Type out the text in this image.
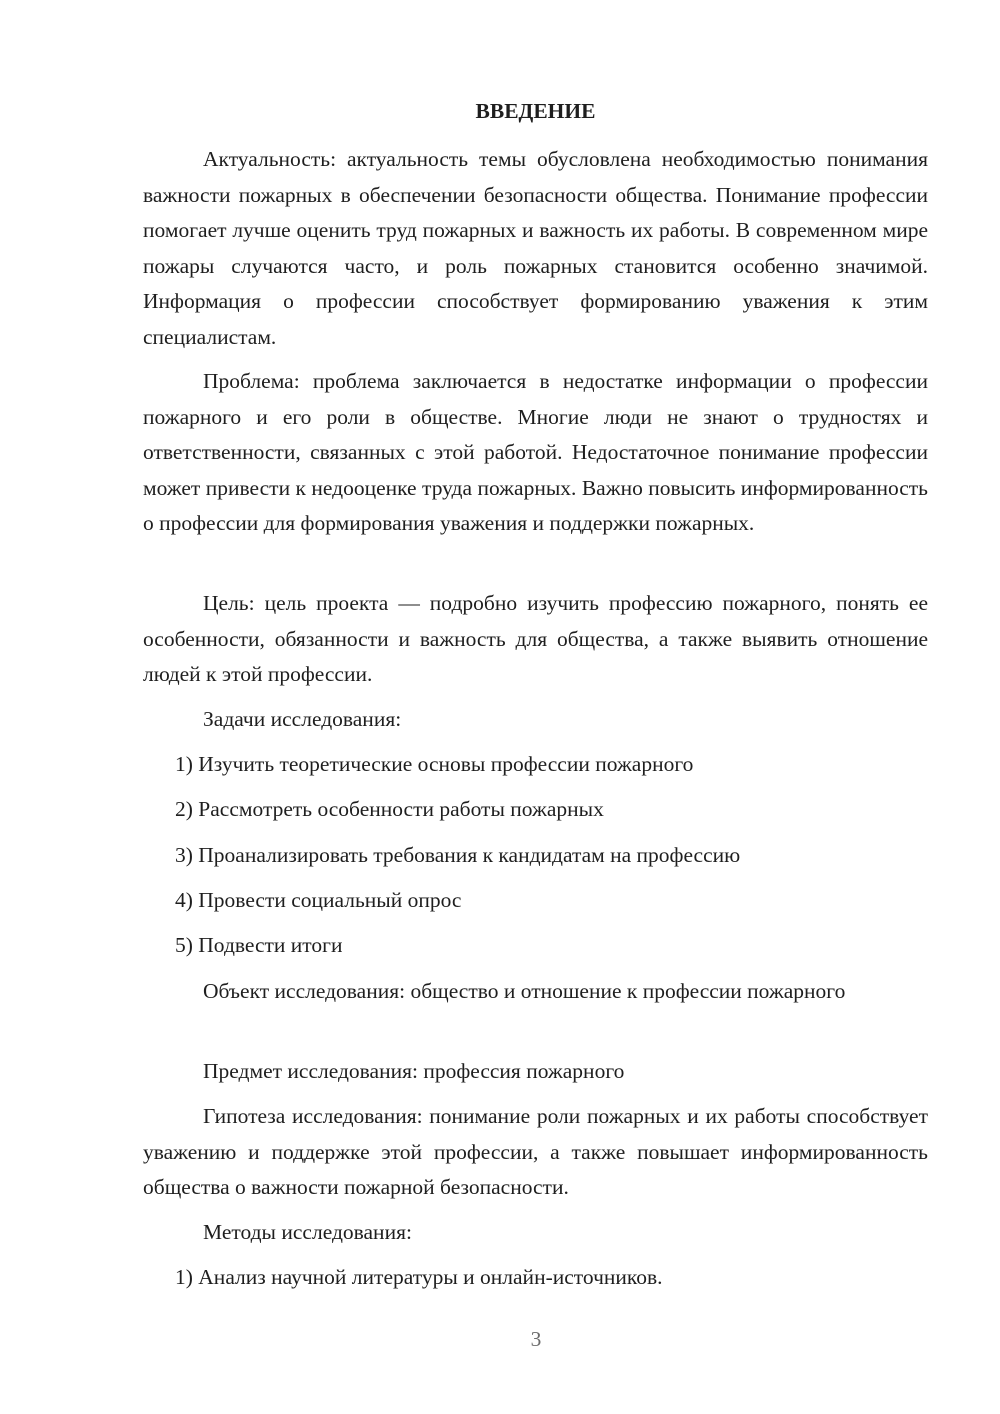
ВВЕДЕНИЕ

Актуальность: актуальность темы обусловлена необходимостью понимания важности пожарных в обеспечении безопасности общества. Понимание профессии помогает лучше оценить труд пожарных и важность их работы. В современном мире пожары случаются часто, и роль пожарных становится особенно значимой. Информация о профессии способствует формированию уважения к этим специалистам.

Проблема: проблема заключается в недостатке информации о профессии пожарного и его роли в обществе. Многие люди не знают о трудностях и ответственности, связанных с этой работой. Недостаточное понимание профессии может привести к недооценке труда пожарных. Важно повысить информированность о профессии для формирования уважения и поддержки пожарных.

Цель: цель проекта — подробно изучить профессию пожарного, понять ее особенности, обязанности и важность для общества, а также выявить отношение людей к этой профессии.

Задачи исследования:

1) Изучить теоретические основы профессии пожарного

2) Рассмотреть особенности работы пожарных

3) Проанализировать требования к кандидатам на профессию

4) Провести социальный опрос

5) Подвести итоги

Объект исследования: общество и отношение к профессии пожарного

Предмет исследования: профессия пожарного

Гипотеза исследования: понимание роли пожарных и их работы способствует уважению и поддержке этой профессии, а также повышает информированность общества о важности пожарной безопасности.

Методы исследования:

1) Анализ научной литературы и онлайн-источников.

3
